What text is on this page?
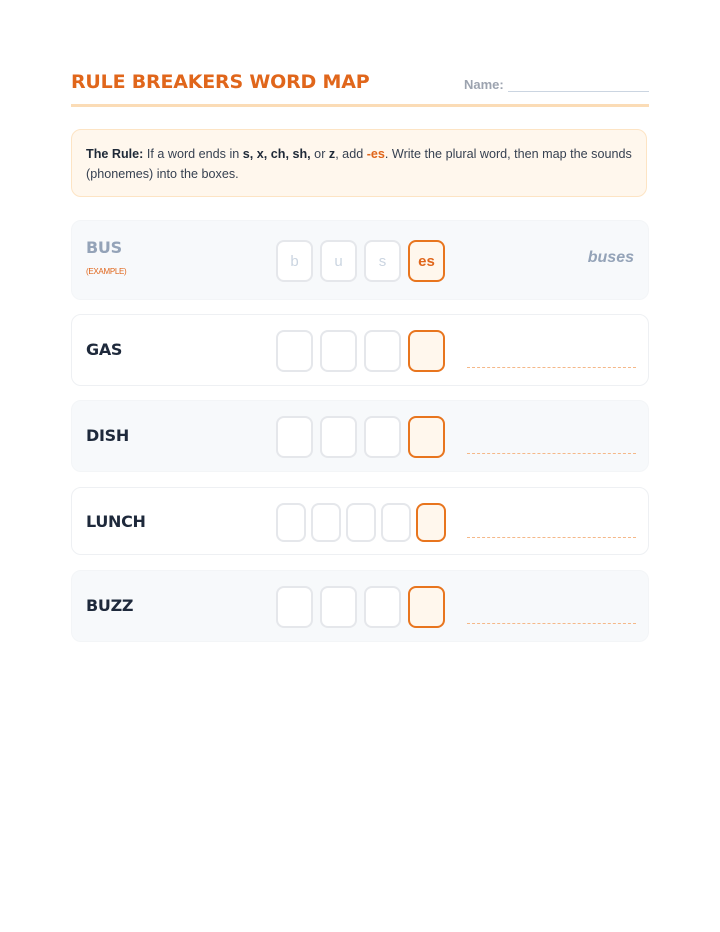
RULE BREAKERS WORD MAP	Name:
The Rule: If a word ends in s, x, ch, sh, or z, add -es. Write the plural word, then map the sounds (phonemes) into the boxes.
BUS
(EXAMPLE)
b	u	s	es	buses
GAS
DISH
LUNCH
BUZZ
